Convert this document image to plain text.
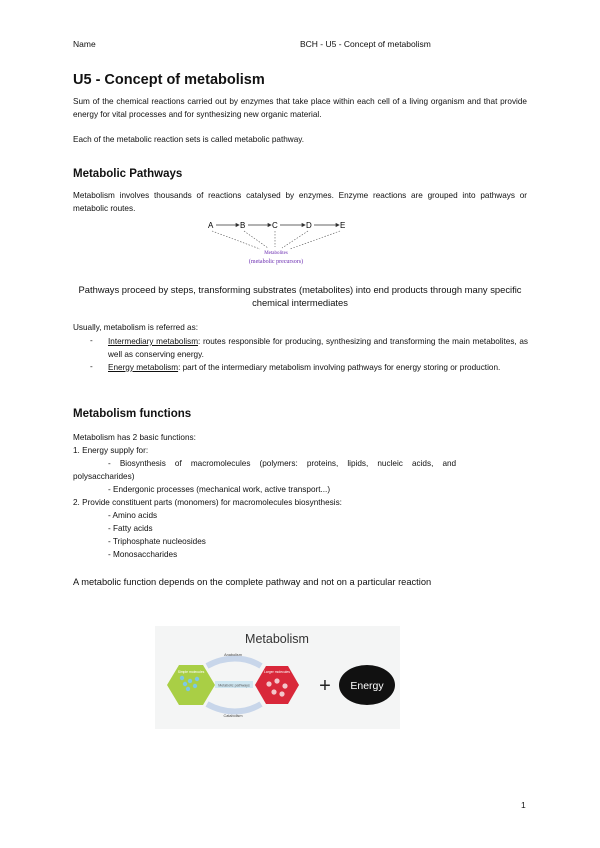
Name	BCH - U5 - Concept of metabolism
U5 - Concept of metabolism
Sum of the chemical reactions carried out by enzymes that take place within each cell of a living organism and that provide energy for vital processes and for synthesizing new organic material.
Each of the metabolic reaction sets is called metabolic pathway.
Metabolic Pathways
Metabolism involves thousands of reactions catalysed by enzymes. Enzyme reactions are grouped into pathways or metabolic routes.
A	B	C	D	E
Metabolites
(metabolic precursors)
Pathways proceed by steps, transforming substrates (metabolites) into end products through many specific chemical intermediates
Usually, metabolism is referred as:
- Intermediary metabolism: routes responsible for producing, synthesizing and transforming the main metabolites, as well as conserving energy.
- Energy metabolism: part of the intermediary metabolism involving pathways for energy storing or production.
Metabolism functions
Metabolism has 2 basic functions:
1. Energy supply for:
-    Biosynthesis    of    macromolecules    (polymers:    proteins,    lipids,    nucleic    acids,    and
polysaccharides)
- Endergonic processes (mechanical work, active transport...)
2. Provide constituent parts (monomers) for macromolecules biosynthesis:
- Amino acids
- Fatty acids
- Triphosphate nucleosides
- Monosaccharides
A metabolic function depends on the complete pathway and not on a particular reaction
Metabolism
Anabolism
Catabolism
Metabolic pathways
Simple molecules	Larger molecules
+ Energy
1
